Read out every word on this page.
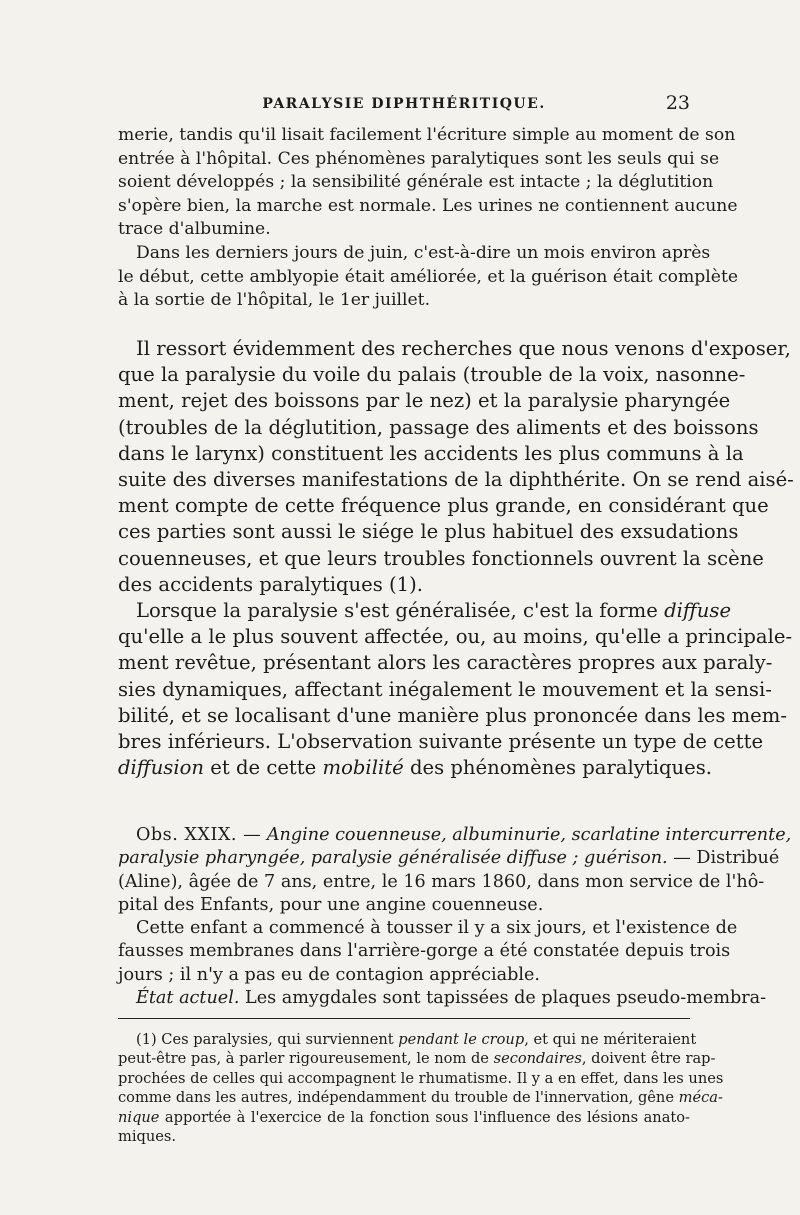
PARALYSIE DIPHTHÉRITIQUE.	23
merie, tandis qu'il lisait facilement l'écriture simple au moment de son
entrée à l'hôpital. Ces phénomènes paralytiques sont les seuls qui se
soient développés ; la sensibilité générale est intacte ; la déglutition
s'opère bien, la marche est normale. Les urines ne contiennent aucune
trace d'albumine.
Dans les derniers jours de juin, c'est-à-dire un mois environ après
le début, cette amblyopie était améliorée, et la guérison était complète
à la sortie de l'hôpital, le 1er juillet.
Il ressort évidemment des recherches que nous venons d'exposer,
que la paralysie du voile du palais (trouble de la voix, nasonne-
ment, rejet des boissons par le nez) et la paralysie pharyngée
(troubles de la déglutition, passage des aliments et des boissons
dans le larynx) constituent les accidents les plus communs à la
suite des diverses manifestations de la diphthérite. On se rend aisé-
ment compte de cette fréquence plus grande, en considérant que
ces parties sont aussi le siége le plus habituel des exsudations
couenneuses, et que leurs troubles fonctionnels ouvrent la scène
des accidents paralytiques (1).
Lorsque la paralysie s'est généralisée, c'est la forme diffuse
qu'elle a le plus souvent affectée, ou, au moins, qu'elle a principale-
ment revêtue, présentant alors les caractères propres aux paraly-
sies dynamiques, affectant inégalement le mouvement et la sensi-
bilité, et se localisant d'une manière plus prononcée dans les mem-
bres inférieurs. L'observation suivante présente un type de cette
diffusion et de cette mobilité des phénomènes paralytiques.
Obs. XXIX. — Angine couenneuse, albuminurie, scarlatine intercurrente,
paralysie pharyngée, paralysie généralisée diffuse ; guérison. — Distribué
(Aline), âgée de 7 ans, entre, le 16 mars 1860, dans mon service de l'hô-
pital des Enfants, pour une angine couenneuse.
Cette enfant a commencé à tousser il y a six jours, et l'existence de
fausses membranes dans l'arrière-gorge a été constatée depuis trois
jours ; il n'y a pas eu de contagion appréciable.
État actuel. Les amygdales sont tapissées de plaques pseudo-membra-
(1) Ces paralysies, qui surviennent pendant le croup, et qui ne mériteraient
peut-être pas, à parler rigoureusement, le nom de secondaires, doivent être rap-
prochées de celles qui accompagnent le rhumatisme. Il y a en effet, dans les unes
comme dans les autres, indépendamment du trouble de l'innervation, gêne méca-
nique apportée à l'exercice de la fonction sous l'influence des lésions anato-
miques.
